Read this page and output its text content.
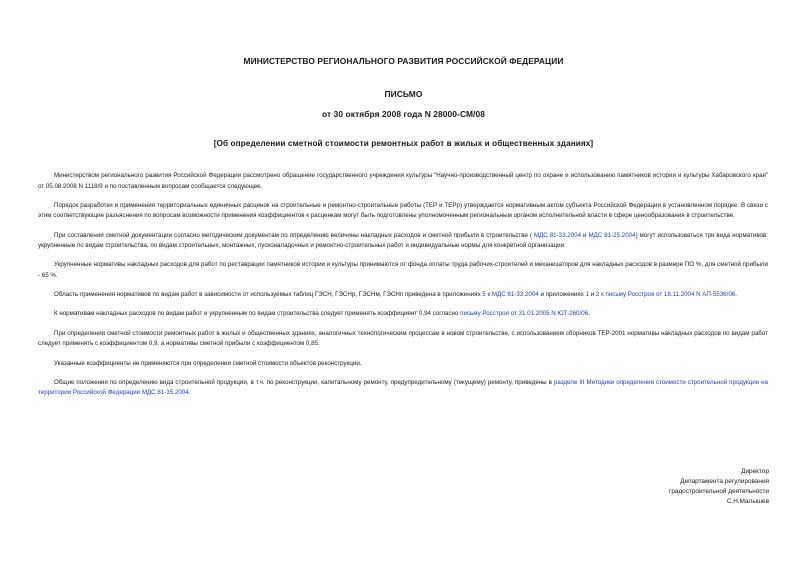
МИНИСТЕРСТВО РЕГИОНАЛЬНОГО РАЗВИТИЯ РОССИЙСКОЙ ФЕДЕРАЦИИ
ПИСЬМО
от 30 октября 2008 года N 28000-СМ/08
[Об определении сметной стоимости ремонтных работ в жилых и общественных зданиях]

Министерством регионального развития Российской Федерации рассмотрено обращение государственного учреждения культуры "Научно-производственный центр по охране и использованию памятников истории и культуры Хабаровского края" от 05.08.2008 N 1118/9 и по поставленным вопросам сообщается следующее.

Порядок разработки и применения территориальных единичных расценок на строительные и ремонтно-строительные работы (ТЕР и ТЕРр) утверждается нормативным актом субъекта Российской Федерации в установленном порядке. В связи с этим соответствующие разъяснения по вопросам возможности применения коэффициентов к расценкам могут быть подготовлены уполномоченным региональным органом исполнительной власти в сфере ценообразования в строительстве.

При составлении сметной документации согласно методическим документам по определению величины накладных расходов и сметной прибыли в строительстве ( МДС 81-33.2004 и МДС 81-25.2004) могут использоваться три вида нормативов: укрупненные по видам строительства, по видам строительных, монтажных, пусконаладочных и ремонтно-строительных работ и индивидуальные нормы для конкретной организации.

Укрупненные нормативы накладных расходов для работ по реставрации памятников истории и культуры принимаются от фонда оплаты труда рабочих-строителей и механизаторов для накладных расходов в размере ПО %, для сметной прибыли - 65 %.

Область применения нормативов по видам работ в зависимости от используемых таблиц ГЭСН, ГЭСНр, ГЭСНм, ГЭСНп приведена в приложениях 5 к МДС 81-33.2004 и приложениях 1 и 2 к письму Росстроя от 18.11.2004 N АП-5536/06.

К нормативам накладных расходов по видам работ и укрупненным по видам строительства следует применять коэффициент 0,94 согласно письму Росстроя от 31.01.2005 N ЮТ-260/06.

При определении сметной стоимости ремонтных работ в жилых и общественных зданиях, аналогичных технологическим процессам в новом строительстве, с использованием сборников ТЕР-2001 нормативы накладных расходов по видам работ следует применять с коэффициентом 0,9, а нормативы сметной прибыли с коэффициентом 0,85.

Указанные коэффициенты не применяются при определении сметной стоимости объектов реконструкции.

Общие положения по определению вида строительной продукции, в т.ч. по реконструкции, капитальному ремонту, предупредительному (текущему) ремонту, приведены в разделе III Методики определения стоимости строительной продукции на территории Российской Федерации МДС 81-35.2004.

Директор
Департамента регулирования
градостроительной деятельности
С.Н.Малышев
